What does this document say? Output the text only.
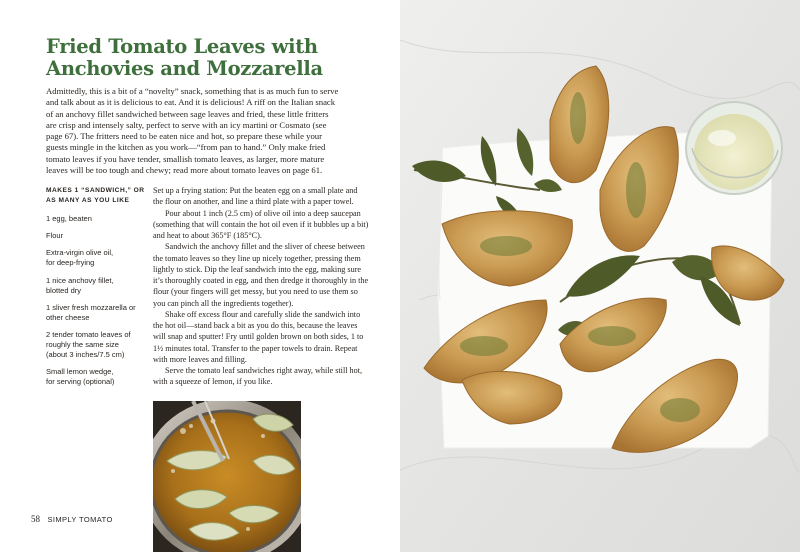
Fried Tomato Leaves with
Anchovies and Mozzarella

Admittedly, this is a bit of a “novelty” snack, something that is as much fun to serve

and talk about as it is delicious to eat. And it is delicious! A riff on the Italian snack

of an anchovy fillet sandwiched between sage leaves and fried, these little fritters

are crisp and intensely salty, perfect to serve with an icy martini or Cosmato (see

page 67). The fritters need to be eaten nice and hot, so prepare these while your

guests mingle in the kitchen as you work—“from pan to hand.” Only make fried

tomato leaves if you have tender, smallish tomato leaves, as larger, more mature

leaves will be too tough and chewy; read more about tomato leaves on page 61.

MAKES 1 “SANDWICH,” OR
AS MANY AS YOU LIKE
1 egg, beaten
Flour
Extra-virgin olive oil,
for deep-frying
1 nice anchovy fillet,
blotted dry
1 sliver fresh mozzarella or
other cheese
2 tender tomato leaves of
roughly the same size
(about 3 inches/7.5 cm)
Small lemon wedge,
for serving (optional)

Set up a frying station: Put the beaten egg on a small plate and the flour on another, and line a third plate with a paper towel.

Pour about 1 inch (2.5 cm) of olive oil into a deep saucepan (something that will contain the hot oil even if it bubbles up a bit) and heat to about 365°F (185°C).

Sandwich the anchovy fillet and the sliver of cheese between the tomato leaves so they line up nicely together, pressing them lightly to stick. Dip the leaf sandwich into the egg, making sure it’s thoroughly coated in egg, and then dredge it thoroughly in the flour (your fingers will get messy, but you need to use them so you can pinch all the ingredients together).

Shake off excess flour and carefully slide the sandwich into the hot oil—stand back a bit as you do this, because the leaves will snap and sputter! Fry until golden brown on both sides, 1 to 1½ minutes total. Transfer to the paper towels to drain. Repeat with more leaves and filling.

Serve the tomato leaf sandwiches right away, while still hot, with a squeeze of lemon, if you like.

58 SIMPLY TOMATO
